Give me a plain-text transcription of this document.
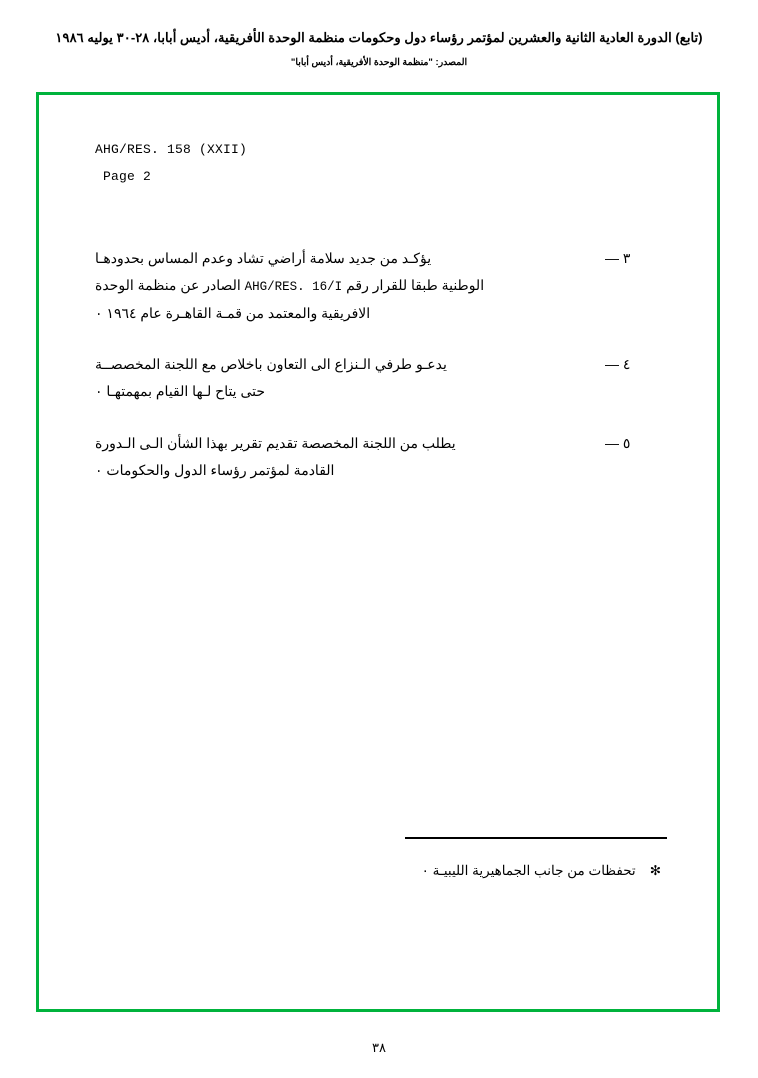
(تابع) الدورة العادية الثانية والعشرين لمؤتمر رؤساء دول وحكومات منظمة الوحدة الأفريقية، أديس أبابا، ٢٨-٣٠ يوليه ١٩٨٦
المصدر: "منظمة الوحدة الأفريقية، أديس أبابا"
AHG/RES. 158 (XXII)
Page 2
٣ —
يؤكـد من جديد سلامة أراضي تشاد وعدم المساس بحدودهـا
الوطنية طبقا للقرار رقم AHG/RES. 16/I الصادر عن منظمة الوحدة
الافريقية والمعتمد من قمـة القاهـرة عام ١٩٦٤ ٠
٤ —
يدعـو طرفي الـنزاع الى التعاون باخلاص مع اللجنة المخصصــة
حتى يتاح لـها القيام بمهمتهـا ٠
٥ —
يطلب من اللجنة المخصصة تقديم تقرير بهذا الشأن الـى الـدورة
القادمة لمؤتمر رؤساء الدول والحكومات ٠
✻تحفظات من جانب الجماهيرية الليبيـة ٠
٣٨
